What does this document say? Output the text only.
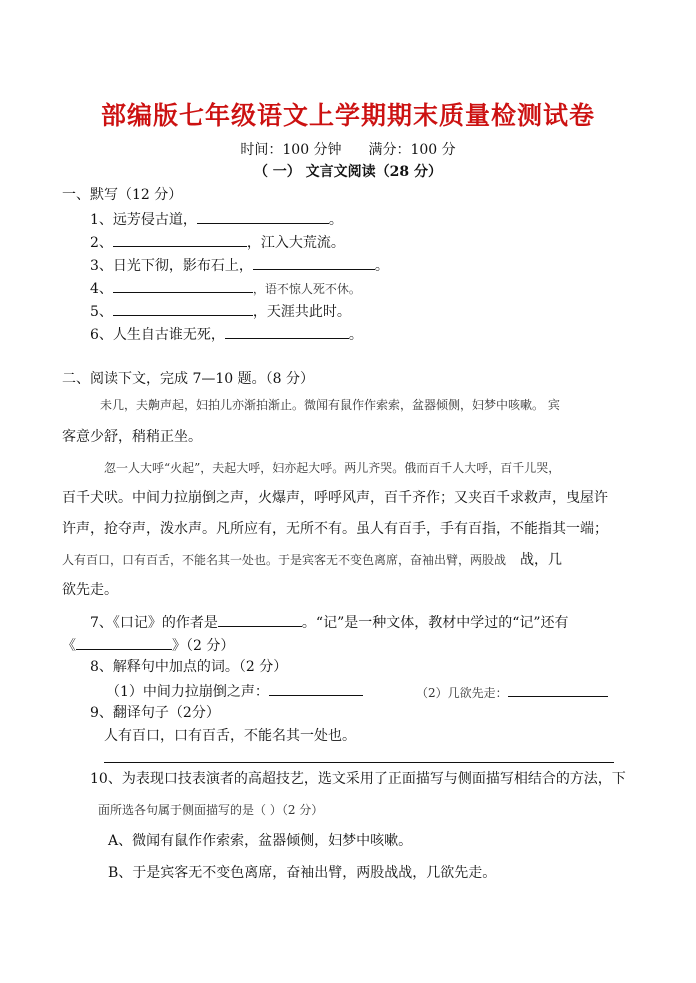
部编版七年级语文上学期期末质量检测试卷
时间：100 分钟 满分：100 分
（ 一） 文言文阅读（28 分）
一、默写（12 分）
1、远芳侵古道，	。
2、	，江入大荒流。
3、日光下彻，影布石上，	。
4、	，语不惊人死不休。
5、	，天涯共此时。
6、人生自古谁无死，	。
二、阅读下文，完成 7—10 题。（8 分）
未几，夫齁声起，妇拍儿亦渐拍渐止。微闻有鼠作作索索，盆器倾侧，妇梦中咳嗽。 宾
客意少舒，稍稍正坐。
忽一人大呼“火起”，夫起大呼，妇亦起大呼。两儿齐哭。俄而百千人大呼，百千儿哭，
百千犬吠。中间力拉崩倒之声，火爆声，呼呼风声，百千齐作；又夹百千求救声，曳屋许
许声，抢夺声，泼水声。凡所应有，无所不有。虽人有百手，手有百指，不能指其一端；
人有百口，口有百舌，不能名其一处也。于是宾客无不变色离席，奋袖出臂，两股战 战，几
欲先走。
7、《口记》的作者是	。“记”是一种文体，教材中学过的“记”还有
《	》（2 分）
8、解释句中加点的词。（2 分）
（1）中间力拉崩倒之声：	（2）几欲先走：
9、翻译句子（2分）
人有百口，口有百舌，不能名其一处也。
10、为表现口技表演者的高超技艺，选文采用了正面描写与侧面描写相结合的方法，下
面所选各句属于侧面描写的是（ ）（2 分）
A、微闻有鼠作作索索，盆器倾侧，妇梦中咳嗽。
B、于是宾客无不变色离席，奋袖出臂，两股战战，几欲先走。
